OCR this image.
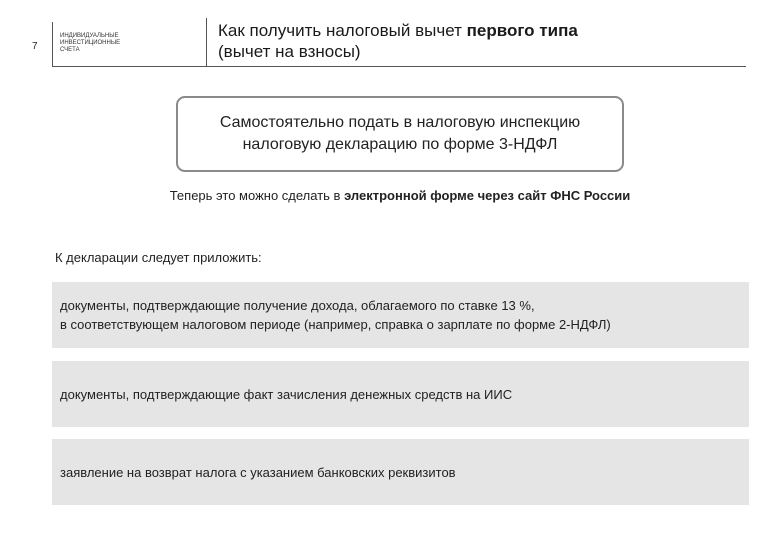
7
ИНДИВИДУАЛЬНЫЕ
ИНВЕСТИЦИОННЫЕ
СЧЕТА
Как получить налоговый вычет первого типа
(вычет на взносы)
Самостоятельно подать в налоговую инспекцию
налоговую декларацию по форме 3-НДФЛ
Теперь это можно сделать в электронной форме через сайт ФНС России
К декларации следует приложить:
документы, подтверждающие получение дохода, облагаемого по ставке 13 %,
в соответствующем налоговом периоде (например, справка о зарплате по форме 2-НДФЛ)
документы, подтверждающие факт зачисления денежных средств на ИИС
заявление на возврат налога с указанием банковских реквизитов
